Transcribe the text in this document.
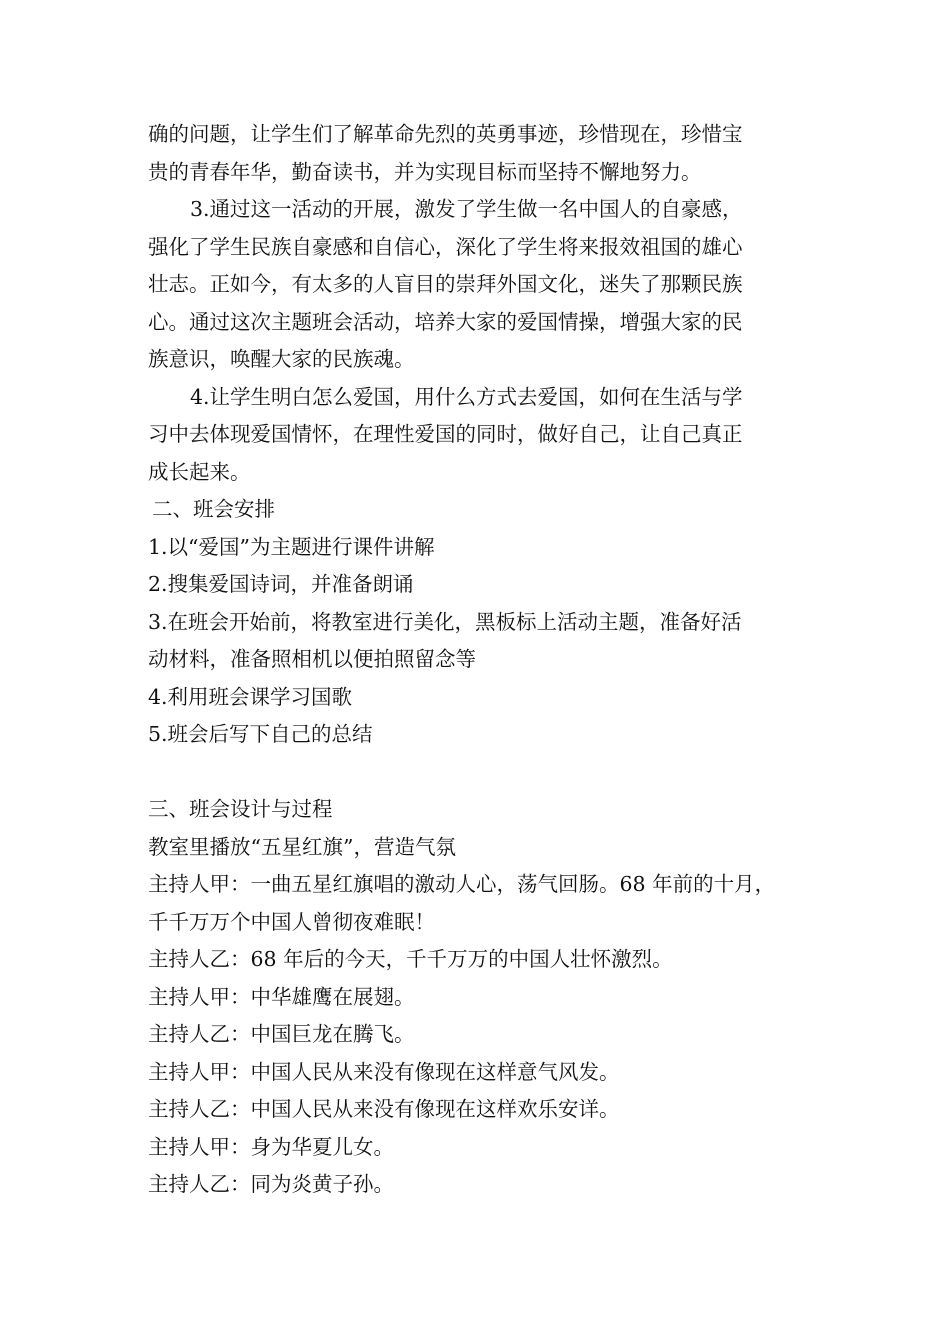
确的问题，让学生们了解革命先烈的英勇事迹，珍惜现在，珍惜宝

贵的青春年华，勤奋读书，并为实现目标而坚持不懈地努力。

3.通过这一活动的开展，激发了学生做一名中国人的自豪感，

强化了学生民族自豪感和自信心，深化了学生将来报效祖国的雄心

壮志。正如今，有太多的人盲目的崇拜外国文化，迷失了那颗民族

心。通过这次主题班会活动，培养大家的爱国情操，增强大家的民

族意识，唤醒大家的民族魂。

4.让学生明白怎么爱国，用什么方式去爱国，如何在生活与学

习中去体现爱国情怀，在理性爱国的同时，做好自己，让自己真正

成长起来。

二、班会安排

1.以“爱国”为主题进行课件讲解

2.搜集爱国诗词，并准备朗诵

3.在班会开始前，将教室进行美化，黑板标上活动主题，准备好活

动材料，准备照相机以便拍照留念等

4.利用班会课学习国歌

5.班会后写下自己的总结

三、班会设计与过程

教室里播放“五星红旗”，营造气氛

主持人甲：一曲五星红旗唱的激动人心，荡气回肠。68 年前的十月，

千千万万个中国人曾彻夜难眠！

主持人乙：68 年后的今天，千千万万的中国人壮怀激烈。

主持人甲：中华雄鹰在展翅。

主持人乙：中国巨龙在腾飞。

主持人甲：中国人民从来没有像现在这样意气风发。

主持人乙：中国人民从来没有像现在这样欢乐安详。

主持人甲：身为华夏儿女。

主持人乙：同为炎黄子孙。
